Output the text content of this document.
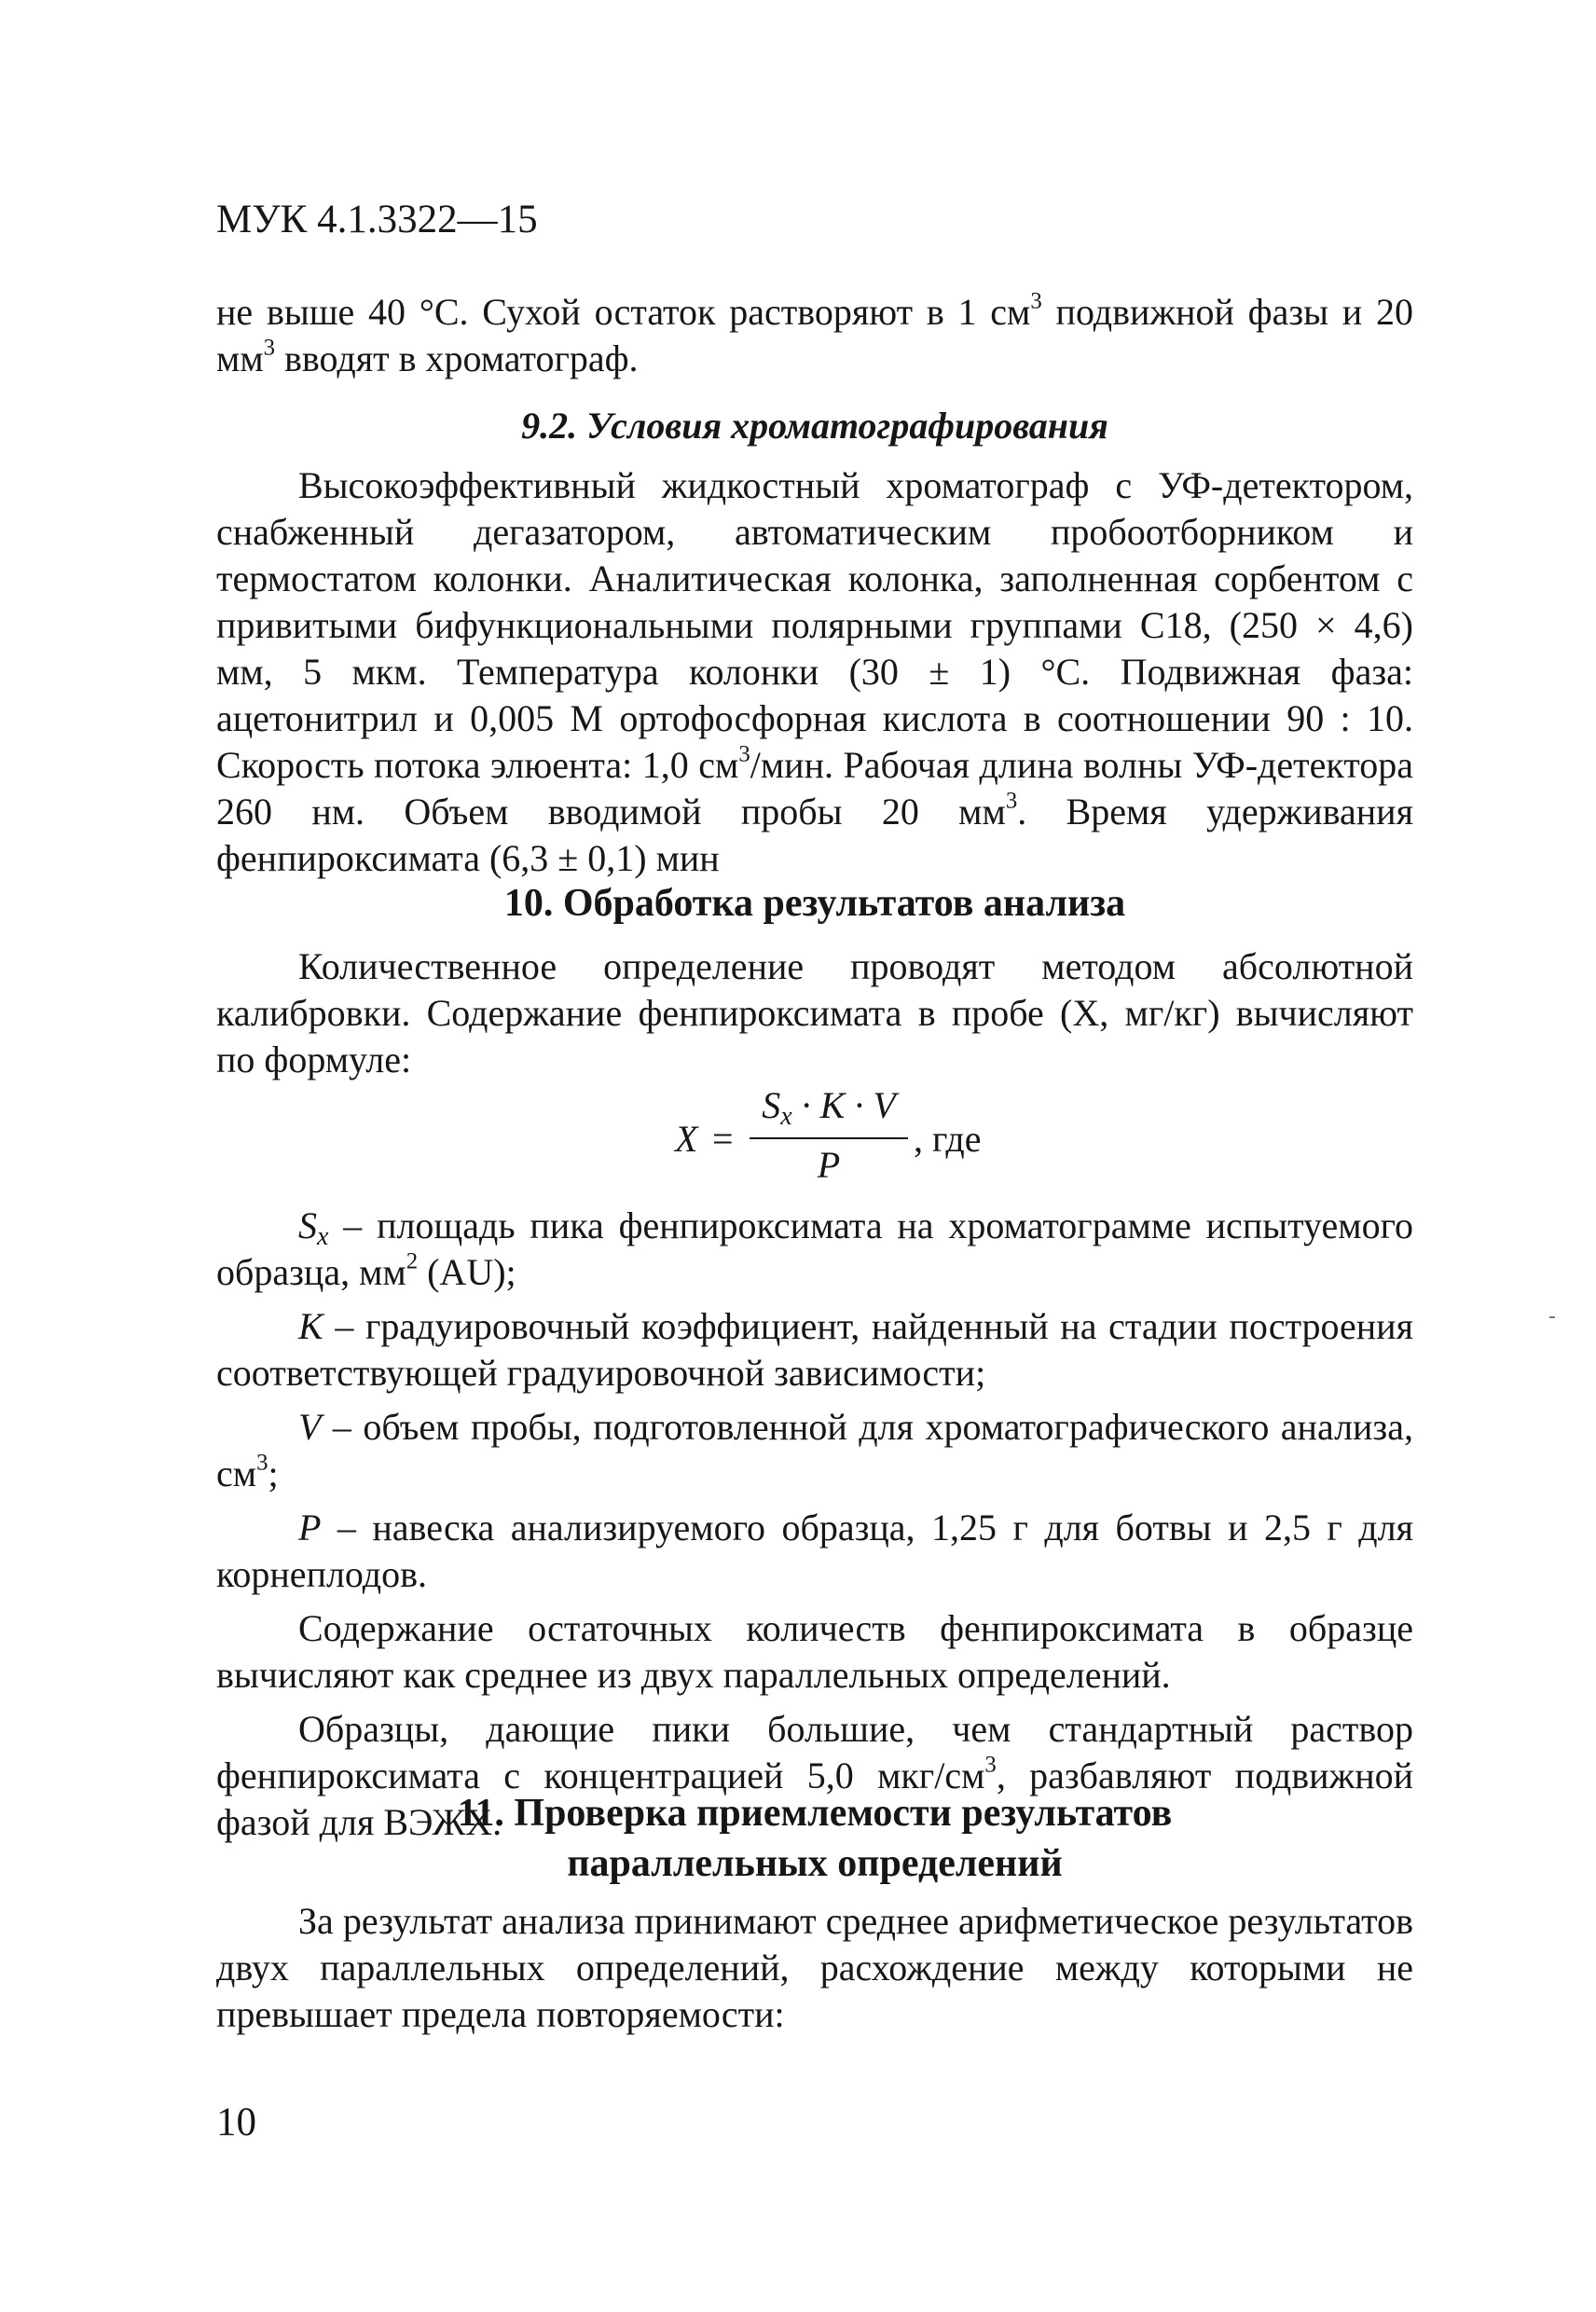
МУК 4.1.3322—15

не выше 40 °С. Сухой остаток растворяют в 1 $см^3$ подвижной фазы и 20 $мм^3$ вводят в хроматограф.

9.2. Условия хроматографирования

Высокоэффективный жидкостный хроматограф с УФ-детектором, снабженный дегазатором, автоматическим пробоотборником и термостатом колонки. Аналитическая колонка, заполненная сорбентом с привитыми бифункциональными полярными группами С18, (250 × 4,6) мм, 5 мкм. Температура колонки (30 ± 1) °С. Подвижная фаза: ацетонитрил и 0,005 М ортофосфорная кислота в соотношении 90 : 10. Скорость потока элюента: 1,0 $см^3$/мин. Рабочая длина волны УФ-детектора 260 нм. Объем вводимой пробы 20 $мм^3$. Время удерживания фенпироксимата (6,3 ± 0,1) мин

10. Обработка результатов анализа

Количественное определение проводят методом абсолютной калибровки. Содержание фенпироксимата в пробе (X, мг/кг) вычисляют по формуле:

X =
$S_x \cdot K \cdot V$
P
, где

$S_x$ – площадь пика фенпироксимата на хроматограмме испытуемого образца, $мм^2$ (AU);

K – градуировочный коэффициент, найденный на стадии построения соответствующей градуировочной зависимости;

V – объем пробы, подготовленной для хроматографического анализа, $см^3$;

P – навеска анализируемого образца, 1,25 г для ботвы и 2,5 г для корнеплодов.

Содержание остаточных количеств фенпироксимата в образце вычисляют как среднее из двух параллельных определений.

Образцы, дающие пики большие, чем стандартный раствор фенпироксимата с концентрацией 5,0 мкг/$см^3$, разбавляют подвижной фазой для ВЭЖХ.

11. Проверка приемлемости результатов

параллельных определений

За результат анализа принимают среднее арифметическое результатов двух параллельных определений, расхождение между которыми не превышает предела повторяемости:

10
